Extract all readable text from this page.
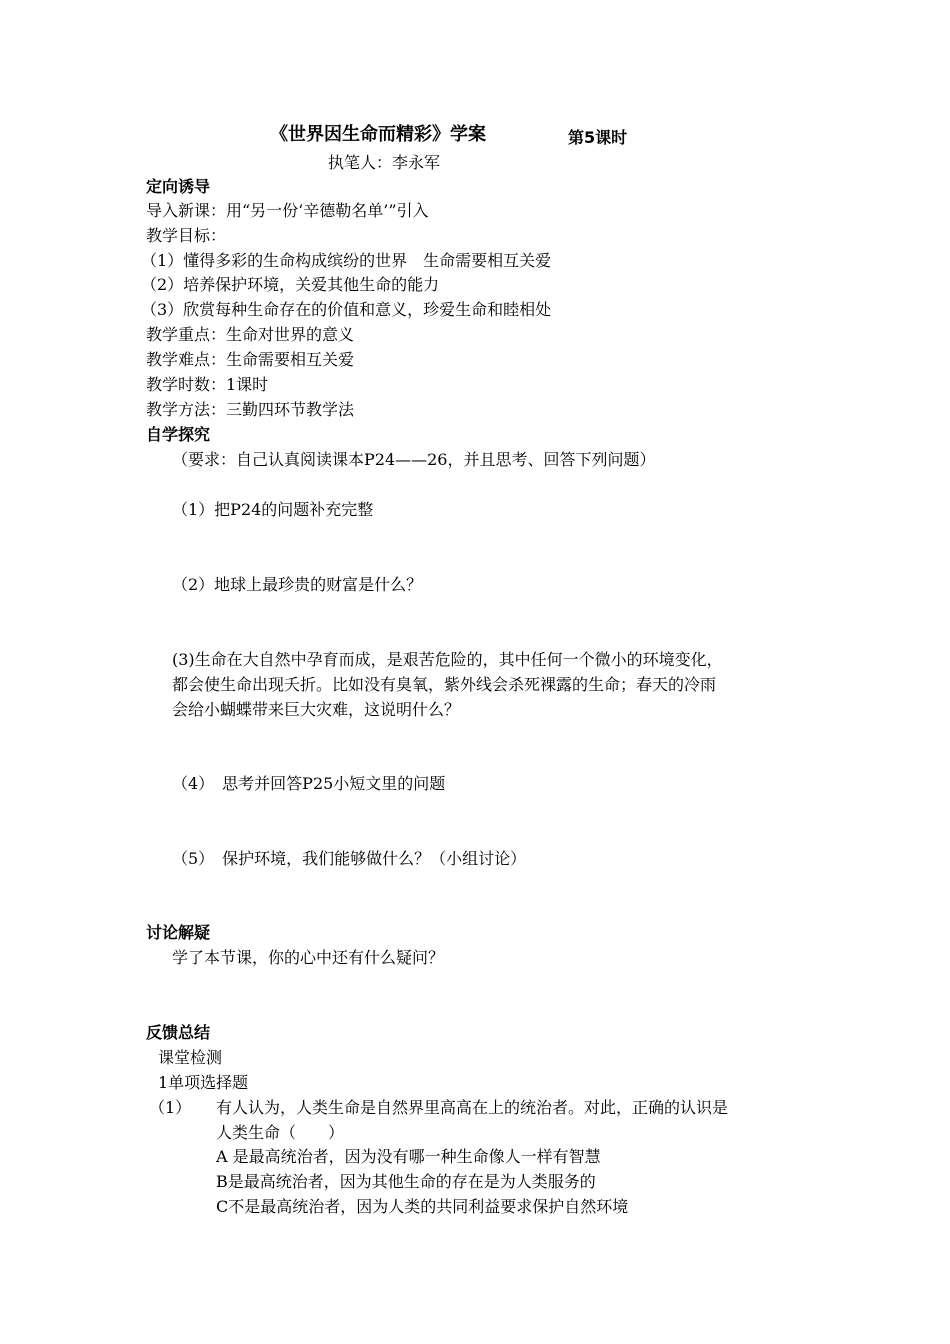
《世界因生命而精彩》学案	第5课时
执笔人：李永军
定向诱导
导入新课：用“另一份‘辛德勒名单’”引入
教学目标：
（1）懂得多彩的生命构成缤纷的世界　生命需要相互关爱
（2）培养保护环境，关爱其他生命的能力
（3）欣赏每种生命存在的价值和意义，珍爱生命和睦相处
教学重点：生命对世界的意义
教学难点：生命需要相互关爱
教学时数：1课时
教学方法：三勤四环节教学法
自学探究
（要求：自己认真阅读课本P24——26，并且思考、回答下列问题）
（1）把P24的问题补充完整
（2）地球上最珍贵的财富是什么？
(3)生命在大自然中孕育而成，是艰苦危险的，其中任何一个微小的环境变化，
都会使生命出现夭折。比如没有臭氧，紫外线会杀死裸露的生命；春天的冷雨
会给小蝴蝶带来巨大灾难，这说明什么？
（4）　思考并回答P25小短文里的问题
（5）　保护环境，我们能够做什么？（小组讨论）
讨论解疑
学了本节课，你的心中还有什么疑问？
反馈总结
课堂检测
1单项选择题
（1） 有人认为，人类生命是自然界里高高在上的统治者。对此，正确的认识是
人类生命（　　）
A 是最高统治者，因为没有哪一种生命像人一样有智慧
B是最高统治者，因为其他生命的存在是为人类服务的
C不是最高统治者，因为人类的共同利益要求保护自然环境
